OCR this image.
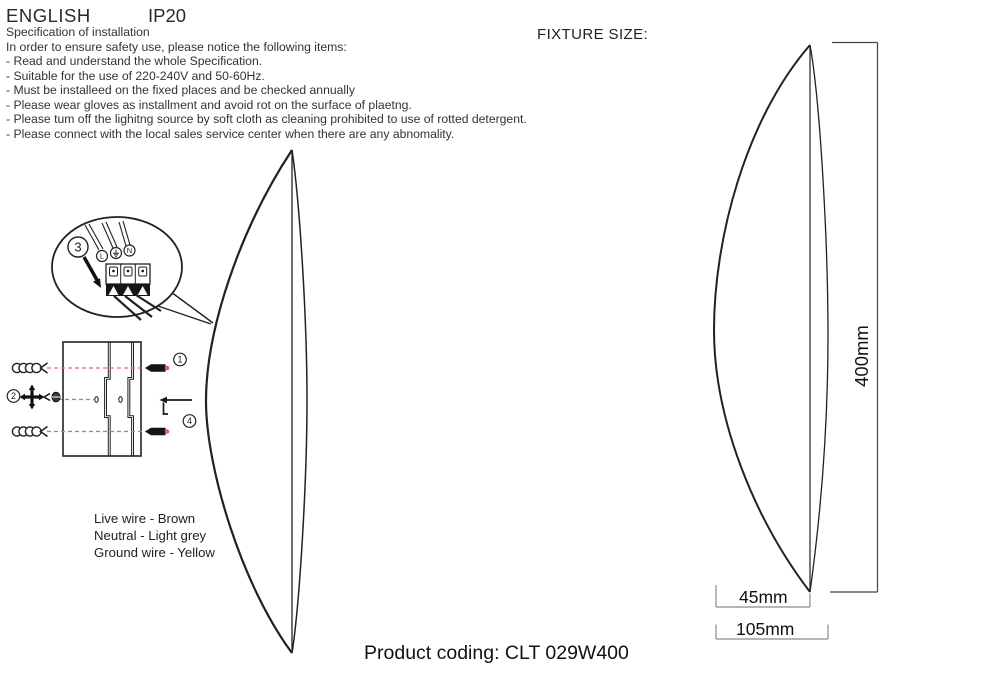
ENGLISH	IP20
Specification of installation
In order to ensure safety use, please notice the following items:
- Read and understand the whole Specification.
- Suitable for the use of 220-240V and 50-60Hz.
- Must be installeed on the fixed places and be checked annually
- Please wear gloves as installment and avoid rot on the surface of plaetng.
- Please tum off the lighitng source by soft cloth as cleaning prohibited to use of rotted detergent.
- Please connect with the local sales service center when there are any abnomality.
FIXTURE SIZE:
Live wire - Brown
Neutral - Light grey
Ground wire - Yellow
Product coding: CLT 029W400
45mm
105mm
400mm
L
N
3
1
2
4
